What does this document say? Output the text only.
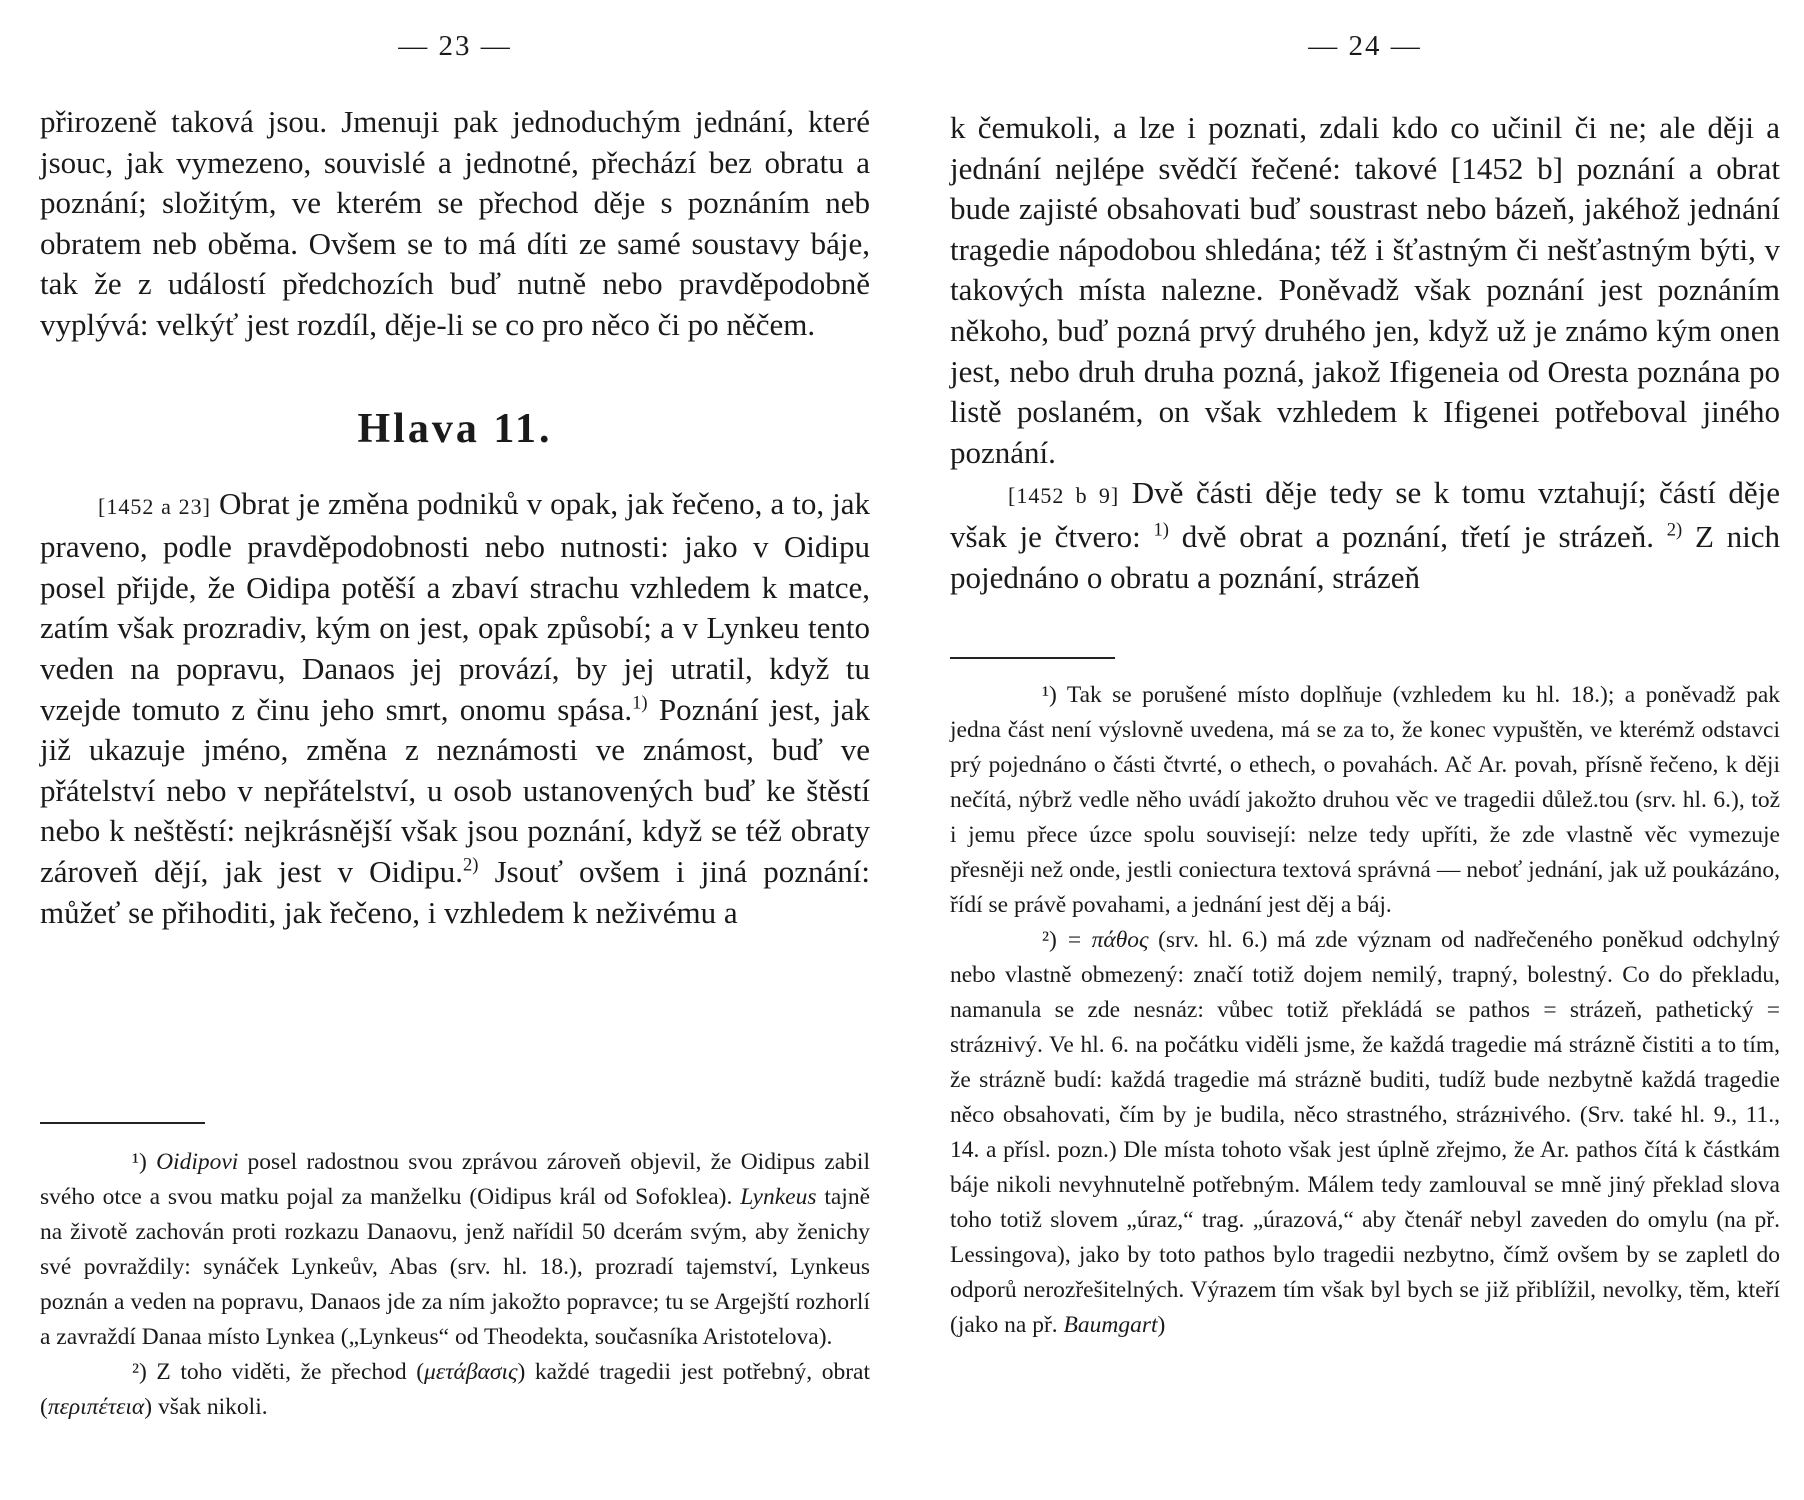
— 23 —

přirozeně taková jsou. Jmenuji pak jednoduchým jednání, které jsouc, jak vymezeno, souvislé a jednotné, přechází bez obratu a poznání; složitým, ve kterém se přechod děje s poznáním neb obratem neb oběma. Ovšem se to má díti ze samé soustavy báje, tak že z událostí předchozích buď nutně nebo pravděpodobně vyplývá: velkýť jest rozdíl, děje-li se co pro něco či po něčem.

Hlava 11.

[1452 a 23] Obrat je změna podniků v opak, jak řečeno, a to, jak praveno, podle pravděpodobnosti nebo nutnosti: jako v Oidipu posel přijde, že Oidipa potěší a zbaví strachu vzhledem k matce, zatím však prozradiv, kým on jest, opak způsobí; a v Lynkeu tento veden na popravu, Danaos jej provází, by jej utratil, když tu vzejde tomuto z činu jeho smrt, onomu spása.$^{1)}$ Poznání jest, jak již ukazuje jméno, změna z neznámosti ve známost, buď ve přátelství nebo v nepřátelství, u osob ustanovených buď ke štěstí nebo k neštěstí: nejkrásnější však jsou poznání, když se též obraty zároveň dějí, jak jest v Oidipu.$^{2)}$ Jsouť ovšem i jiná poznání: můžeť se přihoditi, jak řečeno, i vzhledem k neživému a

¹) Oidipovi posel radostnou svou zprávou zároveň objevil, že Oidipus zabil svého otce a svou matku pojal za manželku (Oidipus král od Sofoklea). Lynkeus tajně na životě zachován proti rozkazu Danaovu, jenž nařídil 50 dcerám svým, aby ženichy své povraždily: synáček Lynkeův, Abas (srv. hl. 18.), prozradí tajemství, Lynkeus poznán a veden na popravu, Danaos jde za ním jakožto popravce; tu se Argejští rozhorlí a zavraždí Danaa místo Lynkea („Lynkeus“ od Theodekta, současníka Aristotelova).

²) Z toho viděti, že přechod (μετάβασις) každé tragedii jest potřebný, obrat (περιπέτεια) však nikoli.

— 24 —

k čemukoli, a lze i poznati, zdali kdo co učinil či ne; ale ději a jednání nejlépe svědčí řečené: takové [1452 b] poznání a obrat bude zajisté obsahovati buď soustrast nebo bázeň, jakéhož jednání tragedie nápodobou shledána; též i šťastným či nešťastným býti, v takových místa nalezne. Poněvadž však poznání jest poznáním někoho, buď pozná prvý druhého jen, když už je známo kým onen jest, nebo druh druha pozná, jakož Ifigeneia od Oresta poznána po listě poslaném, on však vzhledem k Ifigenei potřeboval jiného poznání.

[1452 b 9] Dvě části děje tedy se k tomu vztahují; částí děje však je čtvero: $^{1)}$ dvě obrat a poznání, třetí je strázeň. $^{2)}$ Z nich pojednáno o obratu a poznání, strázeň

¹) Tak se porušené místo doplňuje (vzhledem ku hl. 18.); a poněvadž pak jedna část není výslovně uvedena, má se za to, že konec vypuštěn, ve kterémž odstavci prý pojednáno o části čtvrté, o ethech, o povahách. Ač Ar. povah, přísně řečeno, k ději nečítá, nýbrž vedle něho uvádí jakožto druhou věc ve tragedii důlež.tou (srv. hl. 6.), tož i jemu přece úzce spolu souvisejí: nelze tedy upříti, že zde vlastně věc vymezuje přesněji než onde, jestli coniectura textová správná — neboť jednání, jak už poukázáno, řídí se právě povahami, a jednání jest děj a báj.

²) = πάθος (srv. hl. 6.) má zde význam od nadřečeného poněkud odchylný nebo vlastně obmezený: značí totiž dojem nemilý, trapný, bolestný. Co do překladu, namanula se zde nesnáz: vůbec totiž překládá se pathos = strázeň, pathetický = strázнivý. Ve hl. 6. na počátku viděli jsme, že každá tragedie má strázně čistiti a to tím, že strázně budí: každá tragedie má strázně buditi, tudíž bude nezbytně každá tragedie něco obsahovati, čím by je budila, něco strastného, strázнivého. (Srv. také hl. 9., 11., 14. a přísl. pozn.) Dle místa tohoto však jest úplně zřejmo, že Ar. pathos čítá k částkám báje nikoli nevyhnutelně potřebným. Málem tedy zamlouval se mně jiný překlad slova toho totiž slovem „úraz,“ trag. „úrazová,“ aby čtenář nebyl zaveden do omylu (na př. Lessingova), jako by toto pathos bylo tragedii nezbytno, čímž ovšem by se zapletl do odporů nerozřešitelných. Výrazem tím však byl bych se již přiblížil, nevolky, těm, kteří (jako na př. Baumgart)
